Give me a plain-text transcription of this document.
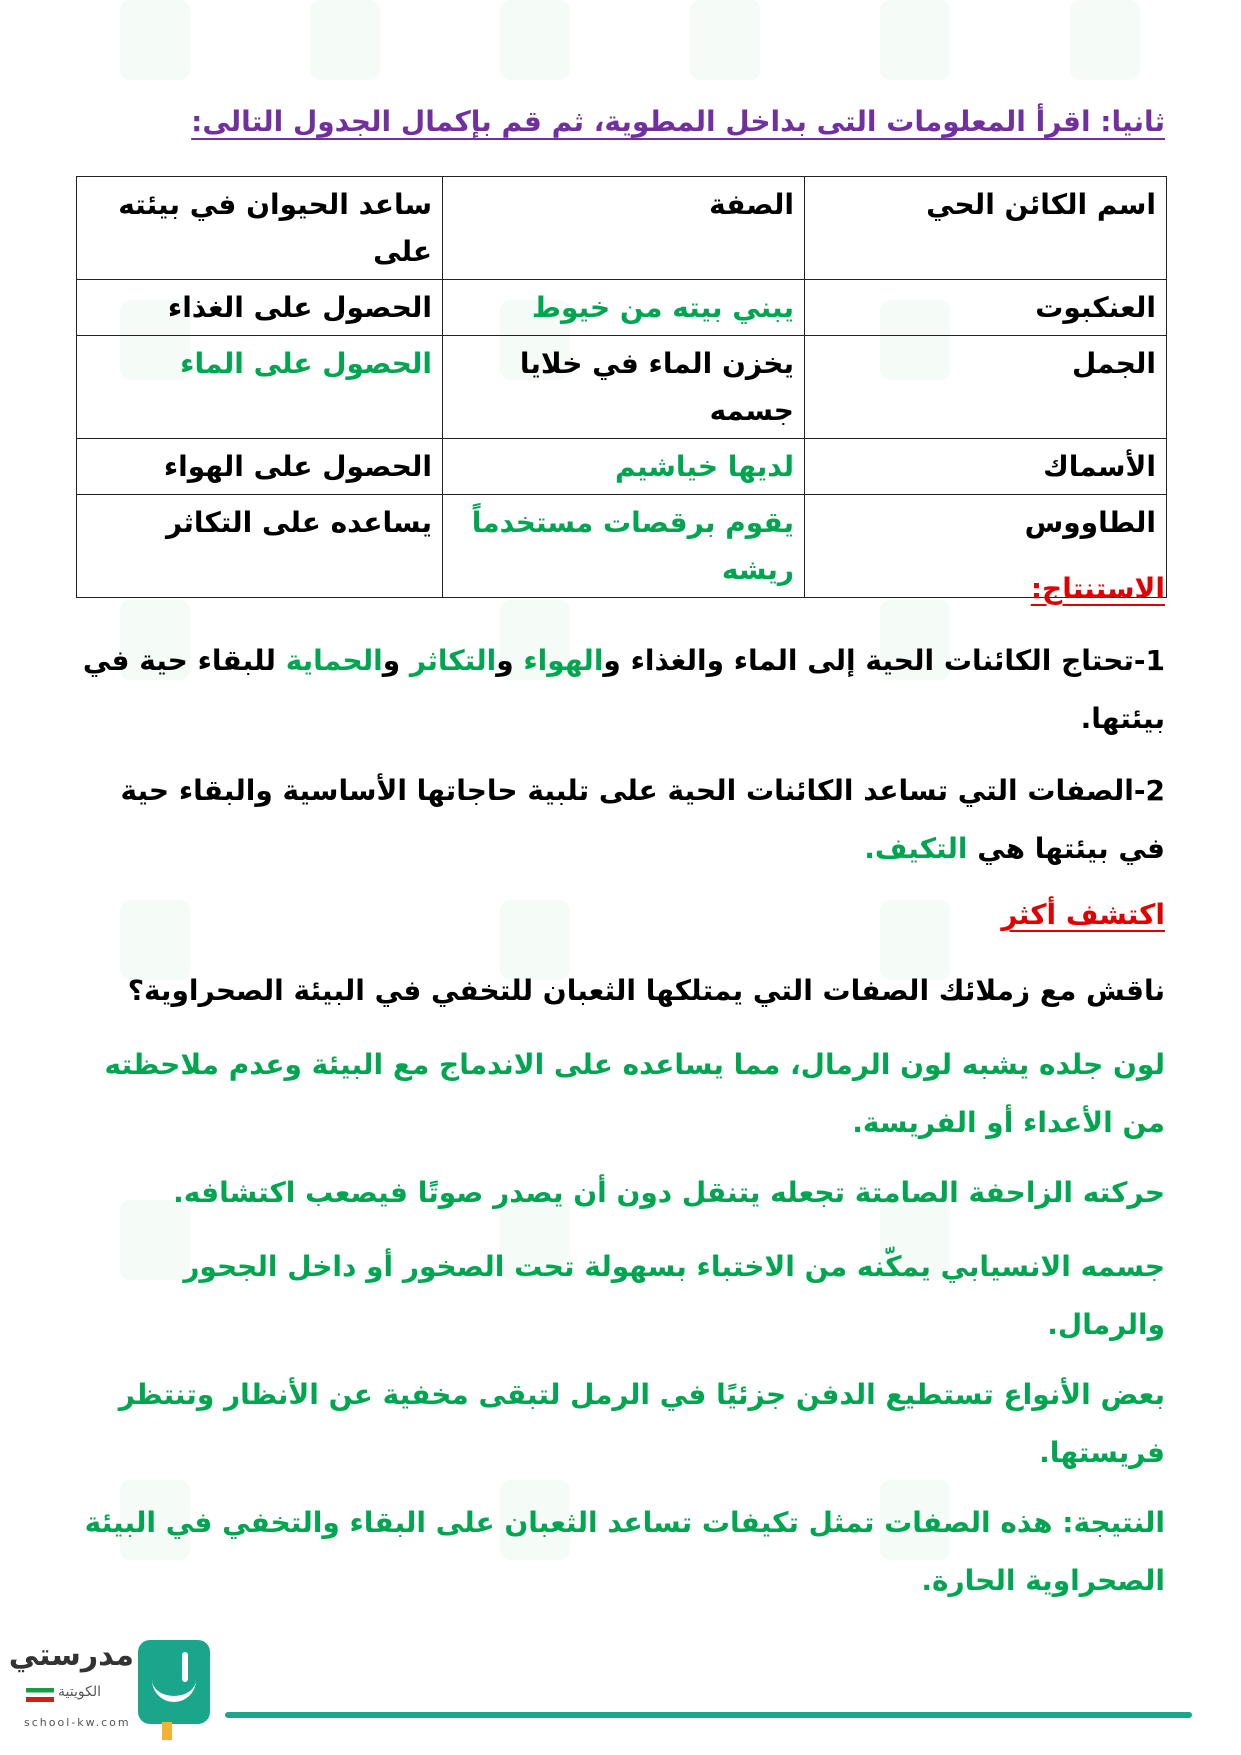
ثانيا: اقرأ المعلومات التى بداخل المطوية، ثم قم بإكمال الجدول التالى:
اسم الكائن الحي	الصفة	ساعد الحيوان في بيئته على
العنكبوت	يبني بيته من خيوط	الحصول على الغذاء
الجمل	يخزن الماء في خلايا جسمه	الحصول على الماء
الأسماك	لديها خياشيم	الحصول على الهواء
الطاووس	يقوم برقصات مستخدماً ريشه	يساعده على التكاثر
الاستنتاج:
1-تحتاج الكائنات الحية إلى الماء والغذاء والهواء والتكاثر والحماية للبقاء حية في بيئتها.
2-الصفات التي تساعد الكائنات الحية على تلبية حاجاتها الأساسية والبقاء حية في بيئتها هي التكيف.
اكتشف أكثر
ناقش مع زملائك الصفات التي يمتلكها الثعبان للتخفي في البيئة الصحراوية؟
لون جلده يشبه لون الرمال، مما يساعده على الاندماج مع البيئة وعدم ملاحظته من الأعداء أو الفريسة.
حركته الزاحفة الصامتة تجعله يتنقل دون أن يصدر صوتًا فيصعب اكتشافه.
جسمه الانسيابي يمكّنه من الاختباء بسهولة تحت الصخور أو داخل الجحور والرمال.
بعض الأنواع تستطيع الدفن جزئيًا في الرمل لتبقى مخفية عن الأنظار وتنتظر فريستها.
النتيجة: هذه الصفات تمثل تكيفات تساعد الثعبان على البقاء والتخفي في البيئة الصحراوية الحارة.
مدرستي
الكويتية
school-kw.com
